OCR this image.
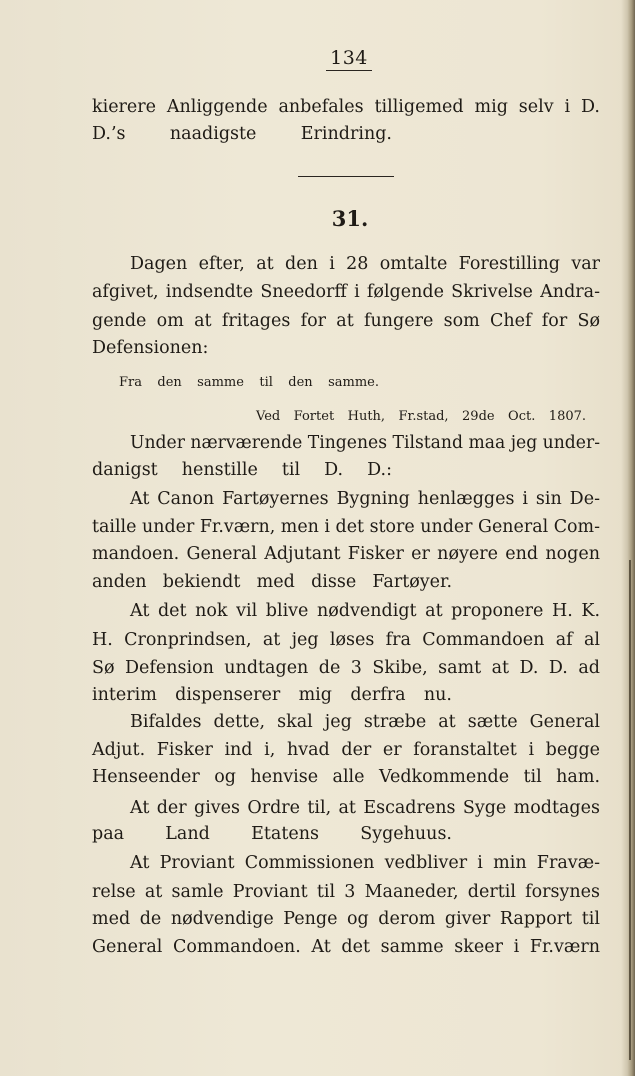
134
kierere Anliggende anbefales tilligemed mig selv i D.
D.’s naadigste Erindring.
31.
Dagen efter, at den i 28 omtalte Forestilling var
afgivet, indsendte Sneedorff i følgende Skrivelse Andra-
gende om at fritages for at fungere som Chef for Sø
Defensionen:
Fra den samme til den samme.
Ved Fortet Huth, Fr.stad, 29de Oct. 1807.
Under nærværende Tingenes Tilstand maa jeg under-
danigst henstille til D. D.:
At Canon Fartøyernes Bygning henlægges i sin De-
taille under Fr.værn, men i det store under General Com-
mandoen. General Adjutant Fisker er nøyere end nogen
anden bekiendt med disse Fartøyer.
At det nok vil blive nødvendigt at proponere H. K.
H. Cronprindsen, at jeg løses fra Commandoen af al
Sø Defension undtagen de 3 Skibe, samt at D. D. ad
interim dispenserer mig derfra nu.
Bifaldes dette, skal jeg stræbe at sætte General
Adjut. Fisker ind i, hvad der er foranstaltet i begge
Henseender og henvise alle Vedkommende til ham.
At der gives Ordre til, at Escadrens Syge modtages
paa Land Etatens Sygehuus.
At Proviant Commissionen vedbliver i min Fravæ-
relse at samle Proviant til 3 Maaneder, dertil forsynes
med de nødvendige Penge og derom giver Rapport til
General Commandoen. At det samme skeer i Fr.værn
